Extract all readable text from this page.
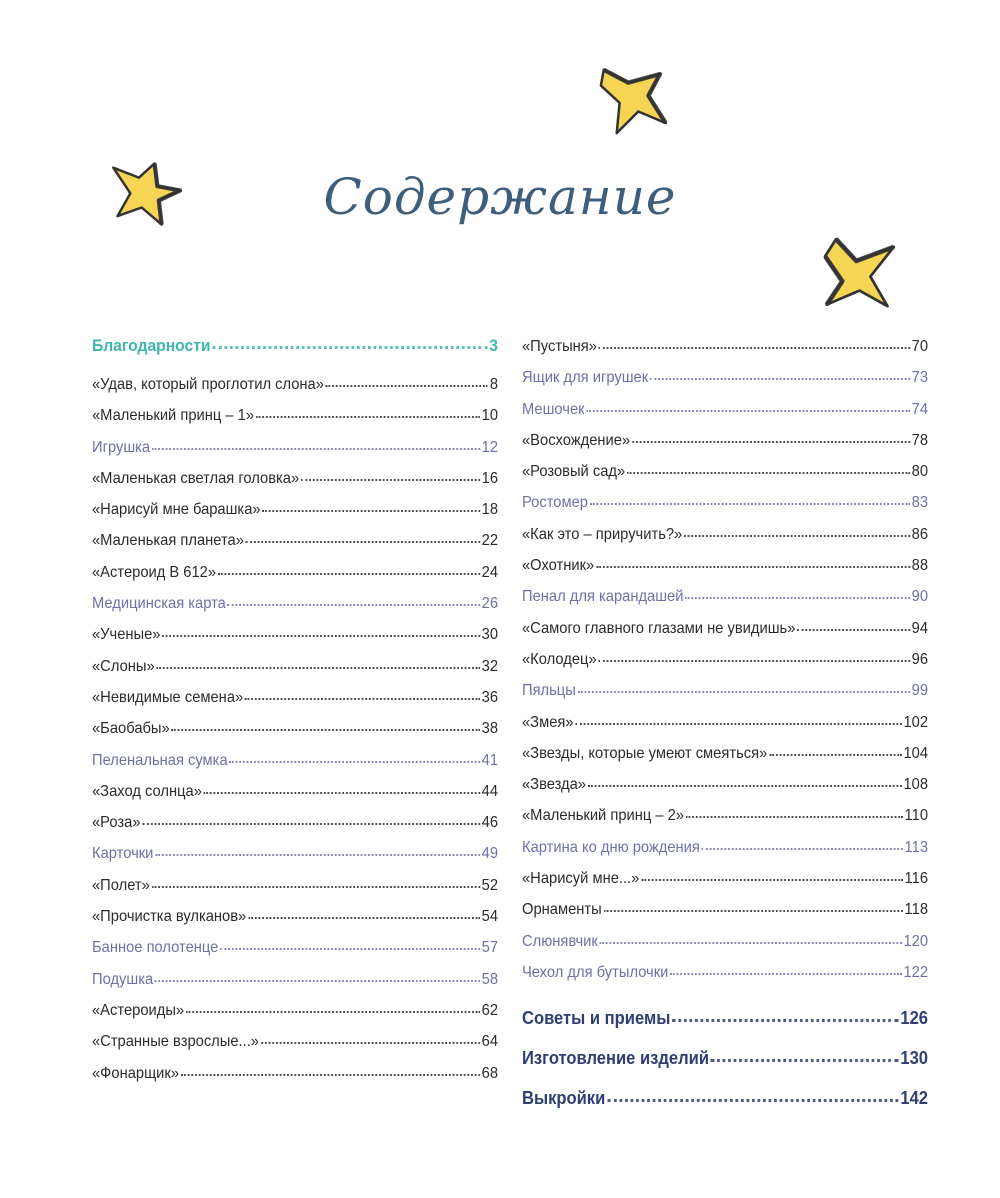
Содержание
Благодарности	3
«Удав, который проглотил слона»	8
«Маленький принц – 1»	10
Игрушка	12
«Маленькая светлая головка»	16
«Нарисуй мне барашка»	18
«Маленькая планета»	22
«Астероид B 612»	24
Медицинская карта	26
«Ученые»	30
«Слоны»	32
«Невидимые семена»	36
«Баобабы»	38
Пеленальная сумка	41
«Заход солнца»	44
«Роза»	46
Карточки	49
«Полет»	52
«Прочистка вулканов»	54
Банное полотенце	57
Подушка	58
«Астероиды»	62
«Странные взрослые...»	64
«Фонарщик»	68
«Пустыня»	70
Ящик для игрушек	73
Мешочек	74
«Восхождение»	78
«Розовый сад»	80
Ростомер	83
«Как это – приручить?»	86
«Охотник»	88
Пенал для карандашей	90
«Самого главного глазами не увидишь»	94
«Колодец»	96
Пяльцы	99
«Змея»	102
«Звезды, которые умеют смеяться»	104
«Звезда»	108
«Маленький принц – 2»	110
Картина ко дню рождения	113
«Нарисуй мне...»	116
Орнаменты	118
Слюнявчик	120
Чехол для бутылочки	122
Советы и приемы	126
Изготовление изделий	130
Выкройки	142
